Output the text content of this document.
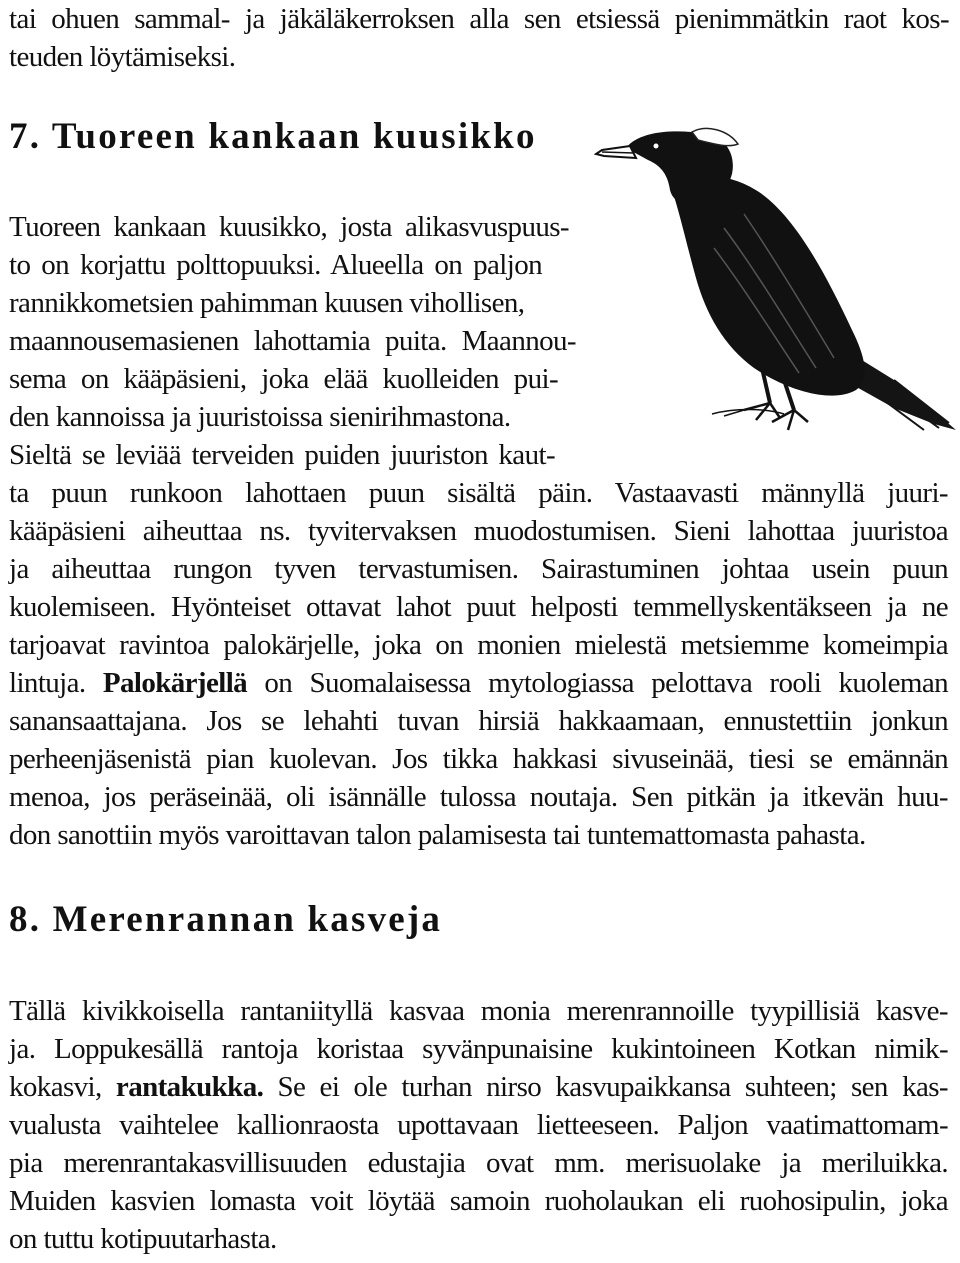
tai ohuen sammal- ja jäkäläkerroksen alla sen etsiessä pienimmätkin raot kos-
teuden löytämiseksi.
7. Tuoreen kankaan kuusikko
Tuoreen kankaan kuusikko, josta alikasvuspuus-
to on korjattu polttopuuksi. Alueella on paljon
rannikkometsien pahimman kuusen vihollisen,
maannousemasienen lahottamia puita. Maannou-
sema on kääpäsieni, joka elää kuolleiden pui-
den kannoissa ja juuristoissa sienirihmastona.
Sieltä se leviää terveiden puiden juuriston kaut-
ta puun runkoon lahottaen puun sisältä päin. Vastaavasti männyllä juuri-
kääpäsieni aiheuttaa ns. tyvitervaksen muodostumisen. Sieni lahottaa juuristoa
ja aiheuttaa rungon tyven tervastumisen. Sairastuminen johtaa usein puun
kuolemiseen. Hyönteiset ottavat lahot puut helposti temmellyskentäkseen ja ne
tarjoavat ravintoa palokärjelle, joka on monien mielestä metsiemme komeimpia
lintuja. Palokärjellä on Suomalaisessa mytologiassa pelottava rooli kuoleman
sanansaattajana. Jos se lehahti tuvan hirsiä hakkaamaan, ennustettiin jonkun
perheenjäsenistä pian kuolevan. Jos tikka hakkasi sivuseinää, tiesi se emännän
menoa, jos peräseinää, oli isännälle tulossa noutaja. Sen pitkän ja itkevän huu-
don sanottiin myös varoittavan talon palamisesta tai tuntemattomasta pahasta.
8. Merenrannan kasveja
Tällä kivikkoisella rantaniityllä kasvaa monia merenrannoille tyypillisiä kasve-
ja. Loppukesällä rantoja koristaa syvänpunaisine kukintoineen Kotkan nimik-
kokasvi, rantakukka. Se ei ole turhan nirso kasvupaikkansa suhteen; sen kas-
vualusta vaihtelee kallionraosta upottavaan lietteeseen. Paljon vaatimattomam-
pia merenrantakasvillisuuden edustajia ovat mm. merisuolake ja meriluikka.
Muiden kasvien lomasta voit löytää samoin ruoholaukan eli ruohosipulin, joka
on tuttu kotipuutarhasta.
